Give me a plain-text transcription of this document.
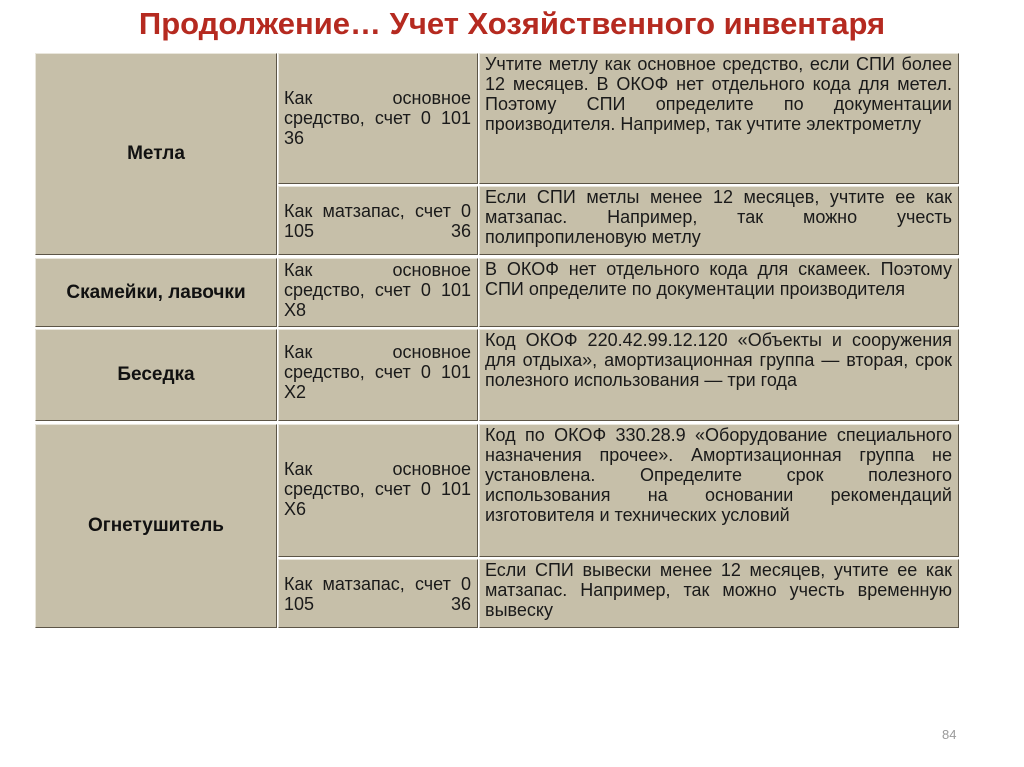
Продолжение… Учет Хозяйственного инвентаря
Метла
Как основное средство, счет 0 101 36
Учтите метлу как основное средство, если СПИ более 12 месяцев. В ОКОФ нет отдельного кода для метел. Поэтому СПИ определите по документации производителя. Например, так учтите электрометлу
Как матзапас, счет 0 105 36
Если СПИ метлы менее 12 месяцев, учтите ее как матзапас. Например, так можно учесть полипропиленовую метлу
Скамейки, лавочки
Как основное средство, счет 0 101 Х8
В ОКОФ нет отдельного кода для скамеек. Поэтому СПИ определите по документации производителя
Беседка
Как основное средство, счет 0 101 Х2
Код ОКОФ 220.42.99.12.120 «Объекты и сооружения для отдыха», амортизационная группа — вторая, срок полезного использования — три года
Огнетушитель
Как основное средство, счет 0 101 Х6
Код по ОКОФ 330.28.9 «Оборудование специального назначения прочее». Амортизационная группа не установлена. Определите срок полезного использования на основании рекомендаций изготовителя и технических условий
Как матзапас, счет 0 105 36
Если СПИ вывески менее 12 месяцев, учтите ее как матзапас. Например, так можно учесть временную вывеску
84
